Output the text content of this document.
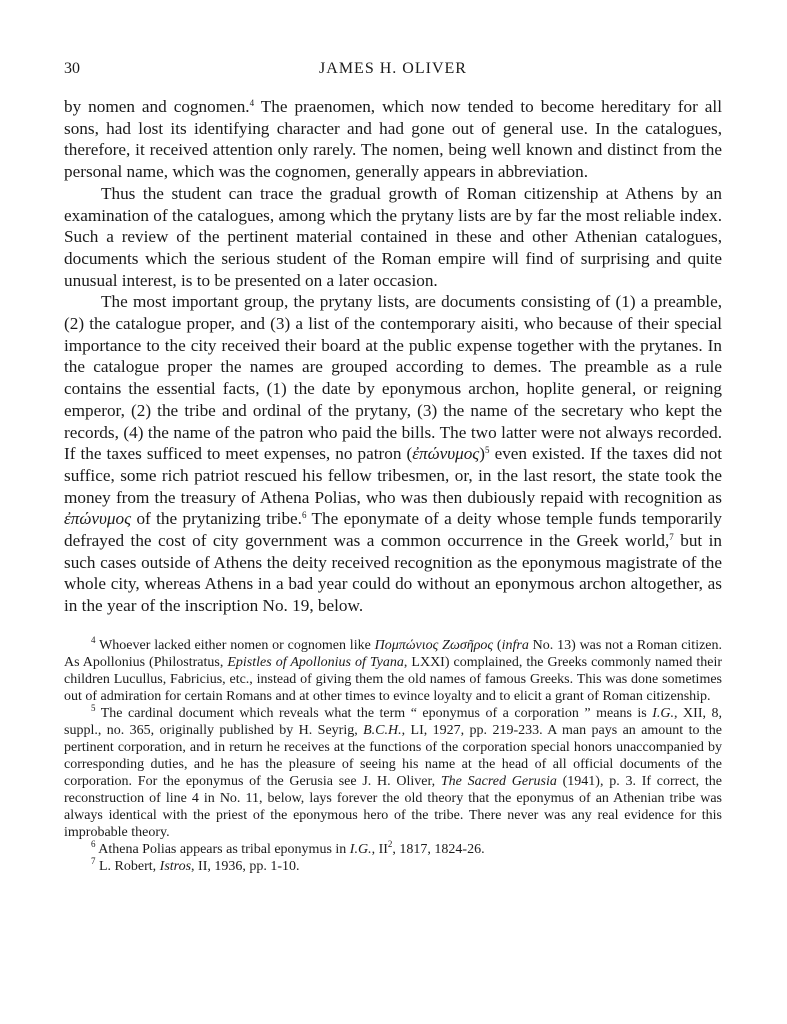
30	JAMES H. OLIVER

by nomen and cognomen.$^4$ The praenomen, which now tended to become hereditary for all sons, had lost its identifying character and had gone out of general use. In the catalogues, therefore, it received attention only rarely. The nomen, being well known and distinct from the personal name, which was the cognomen, generally appears in abbreviation.

Thus the student can trace the gradual growth of Roman citizenship at Athens by an examination of the catalogues, among which the prytany lists are by far the most reliable index. Such a review of the pertinent material contained in these and other Athenian catalogues, documents which the serious student of the Roman empire will find of surprising and quite unusual interest, is to be presented on a later occasion.

The most important group, the prytany lists, are documents consisting of (1) a preamble, (2) the catalogue proper, and (3) a list of the contemporary aisiti, who because of their special importance to the city received their board at the public expense together with the prytanes. In the catalogue proper the names are grouped according to demes. The preamble as a rule contains the essential facts, (1) the date by eponymous archon, hoplite general, or reigning emperor, (2) the tribe and ordinal of the prytany, (3) the name of the secretary who kept the records, (4) the name of the patron who paid the bills. The two latter were not always recorded. If the taxes sufficed to meet expenses, no patron (ἐπώνυμος)$^5$ even existed. If the taxes did not suffice, some rich patriot rescued his fellow tribesmen, or, in the last resort, the state took the money from the treasury of Athena Polias, who was then dubiously repaid with recognition as ἐπώνυμος of the prytanizing tribe.$^6$ The eponymate of a deity whose temple funds temporarily defrayed the cost of city government was a common occurrence in the Greek world,$^7$ but in such cases outside of Athens the deity received recognition as the eponymous magistrate of the whole city, whereas Athens in a bad year could do without an eponymous archon altogether, as in the year of the inscription No. 19, below.

$^4$ Whoever lacked either nomen or cognomen like Πομπώνιος Ζωσῆρος (infra No. 13) was not a Roman citizen. As Apollonius (Philostratus, Epistles of Apollonius of Tyana, LXXI) complained, the Greeks commonly named their children Lucullus, Fabricius, etc., instead of giving them the old names of famous Greeks. This was done sometimes out of admiration for certain Romans and at other times to evince loyalty and to elicit a grant of Roman citizenship.

$^5$ The cardinal document which reveals what the term “ eponymus of a corporation ” means is I.G., XII, 8, suppl., no. 365, originally published by H. Seyrig, B.C.H., LI, 1927, pp. 219-233. A man pays an amount to the pertinent corporation, and in return he receives at the functions of the corporation special honors unaccompanied by corresponding duties, and he has the pleasure of seeing his name at the head of all official documents of the corporation. For the eponymus of the Gerusia see J. H. Oliver, The Sacred Gerusia (1941), p. 3. If correct, the reconstruction of line 4 in No. 11, below, lays forever the old theory that the eponymus of an Athenian tribe was always identical with the priest of the eponymous hero of the tribe. There never was any real evidence for this improbable theory.

$^6$ Athena Polias appears as tribal eponymus in I.G., $II^2$, 1817, 1824-26.

$^7$ L. Robert, Istros, II, 1936, pp. 1-10.
